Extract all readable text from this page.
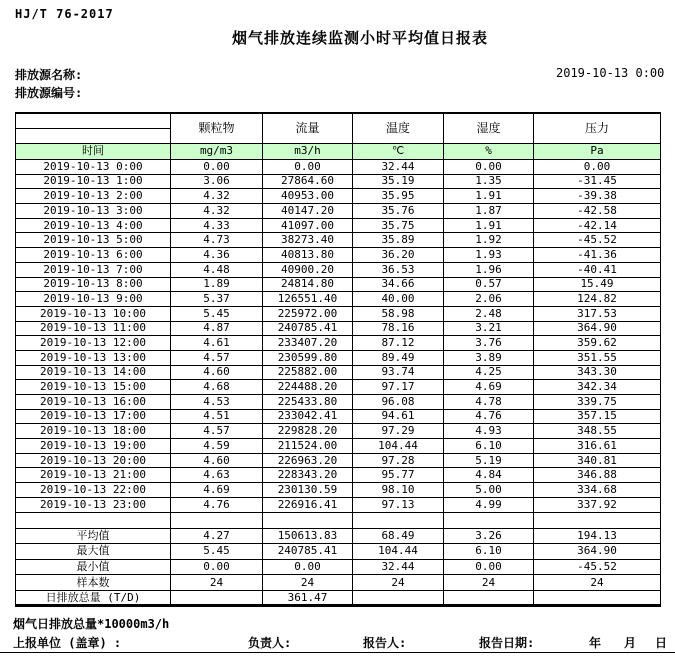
HJ/T 76-2017
烟气排放连续监测小时平均值日报表
排放源名称:
排放源编号:
2019-10-13 0:00
	颗粒物	流量	温度	湿度	压力

时间	mg/m3	m3/h	℃	%	Pa
2019-10-13 0:00	0.00	0.00	32.44	0.00	0.00
2019-10-13 1:00	3.06	27864.60	35.19	1.35	-31.45
2019-10-13 2:00	4.32	40953.00	35.95	1.91	-39.38
2019-10-13 3:00	4.32	40147.20	35.76	1.87	-42.58
2019-10-13 4:00	4.33	41097.00	35.75	1.91	-42.14
2019-10-13 5:00	4.73	38273.40	35.89	1.92	-45.52
2019-10-13 6:00	4.36	40813.80	36.20	1.93	-41.36
2019-10-13 7:00	4.48	40900.20	36.53	1.96	-40.41
2019-10-13 8:00	1.89	24814.80	34.66	0.57	15.49
2019-10-13 9:00	5.37	126551.40	40.00	2.06	124.82
2019-10-13 10:00	5.45	225972.00	58.98	2.48	317.53
2019-10-13 11:00	4.87	240785.41	78.16	3.21	364.90
2019-10-13 12:00	4.61	233407.20	87.12	3.76	359.62
2019-10-13 13:00	4.57	230599.80	89.49	3.89	351.55
2019-10-13 14:00	4.60	225882.00	93.74	4.25	343.30
2019-10-13 15:00	4.68	224488.20	97.17	4.69	342.34
2019-10-13 16:00	4.53	225433.80	96.08	4.78	339.75
2019-10-13 17:00	4.51	233042.41	94.61	4.76	357.15
2019-10-13 18:00	4.57	229828.20	97.29	4.93	348.55
2019-10-13 19:00	4.59	211524.00	104.44	6.10	316.61
2019-10-13 20:00	4.60	226963.20	97.28	5.19	340.81
2019-10-13 21:00	4.63	228343.20	95.77	4.84	346.88
2019-10-13 22:00	4.69	230130.59	98.10	5.00	334.68
2019-10-13 23:00	4.76	226916.41	97.13	4.99	337.92

平均值	4.27	150613.83	68.49	3.26	194.13
最大值	5.45	240785.41	104.44	6.10	364.90
最小值	0.00	0.00	32.44	0.00	-45.52
样本数	24	24	24	24	24
日排放总量 (T/D)		361.47			
烟气日排放总量*10000m3/h
上报单位 (盖章) :	负责人:	报告人:	报告日期:	年 月 日
